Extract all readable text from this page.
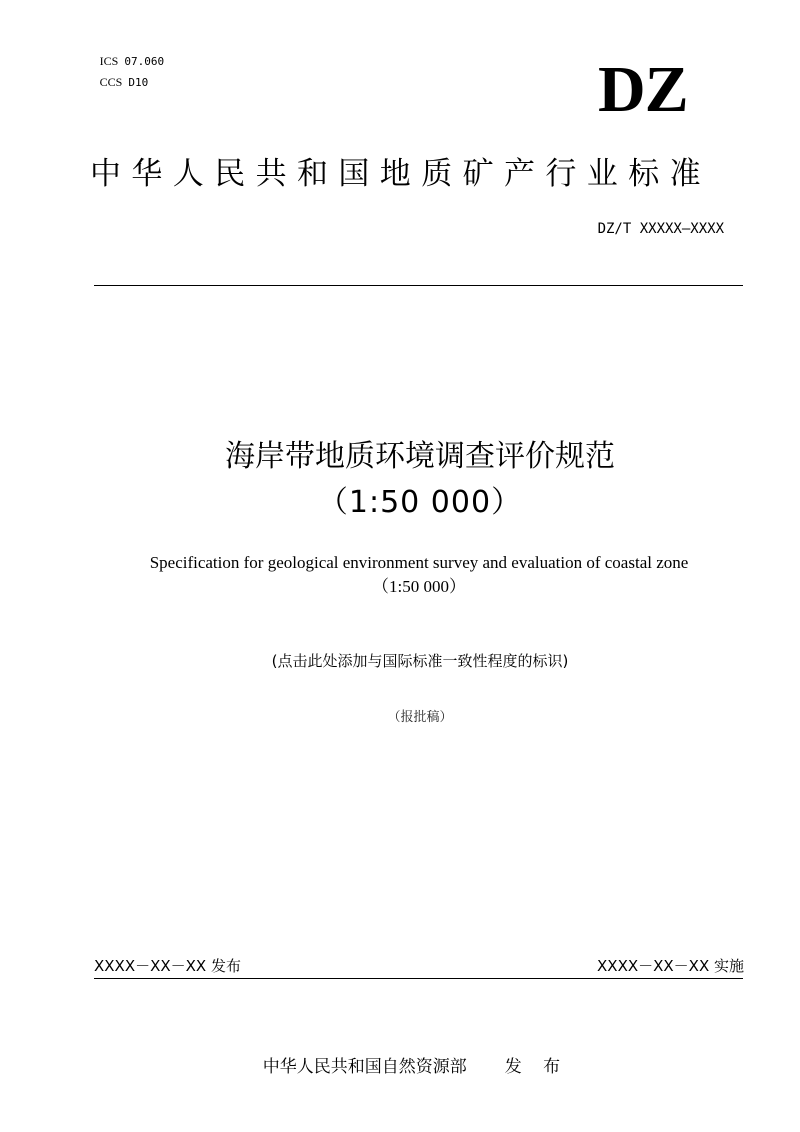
ICS 07.060

CCS D10	DZ
中华人民共和国地质矿产行业标准
DZ/T XXXXX—XXXX
海岸带地质环境调查评价规范
（1:50 000）
Specification for geological environment survey and evaluation of coastal zone
（1:50 000）
(点击此处添加与国际标准一致性程度的标识)
（报批稿）
XXXX－XX－XX 发布	XXXX－XX－XX 实施

中华人民共和国自然资源部 发 布
